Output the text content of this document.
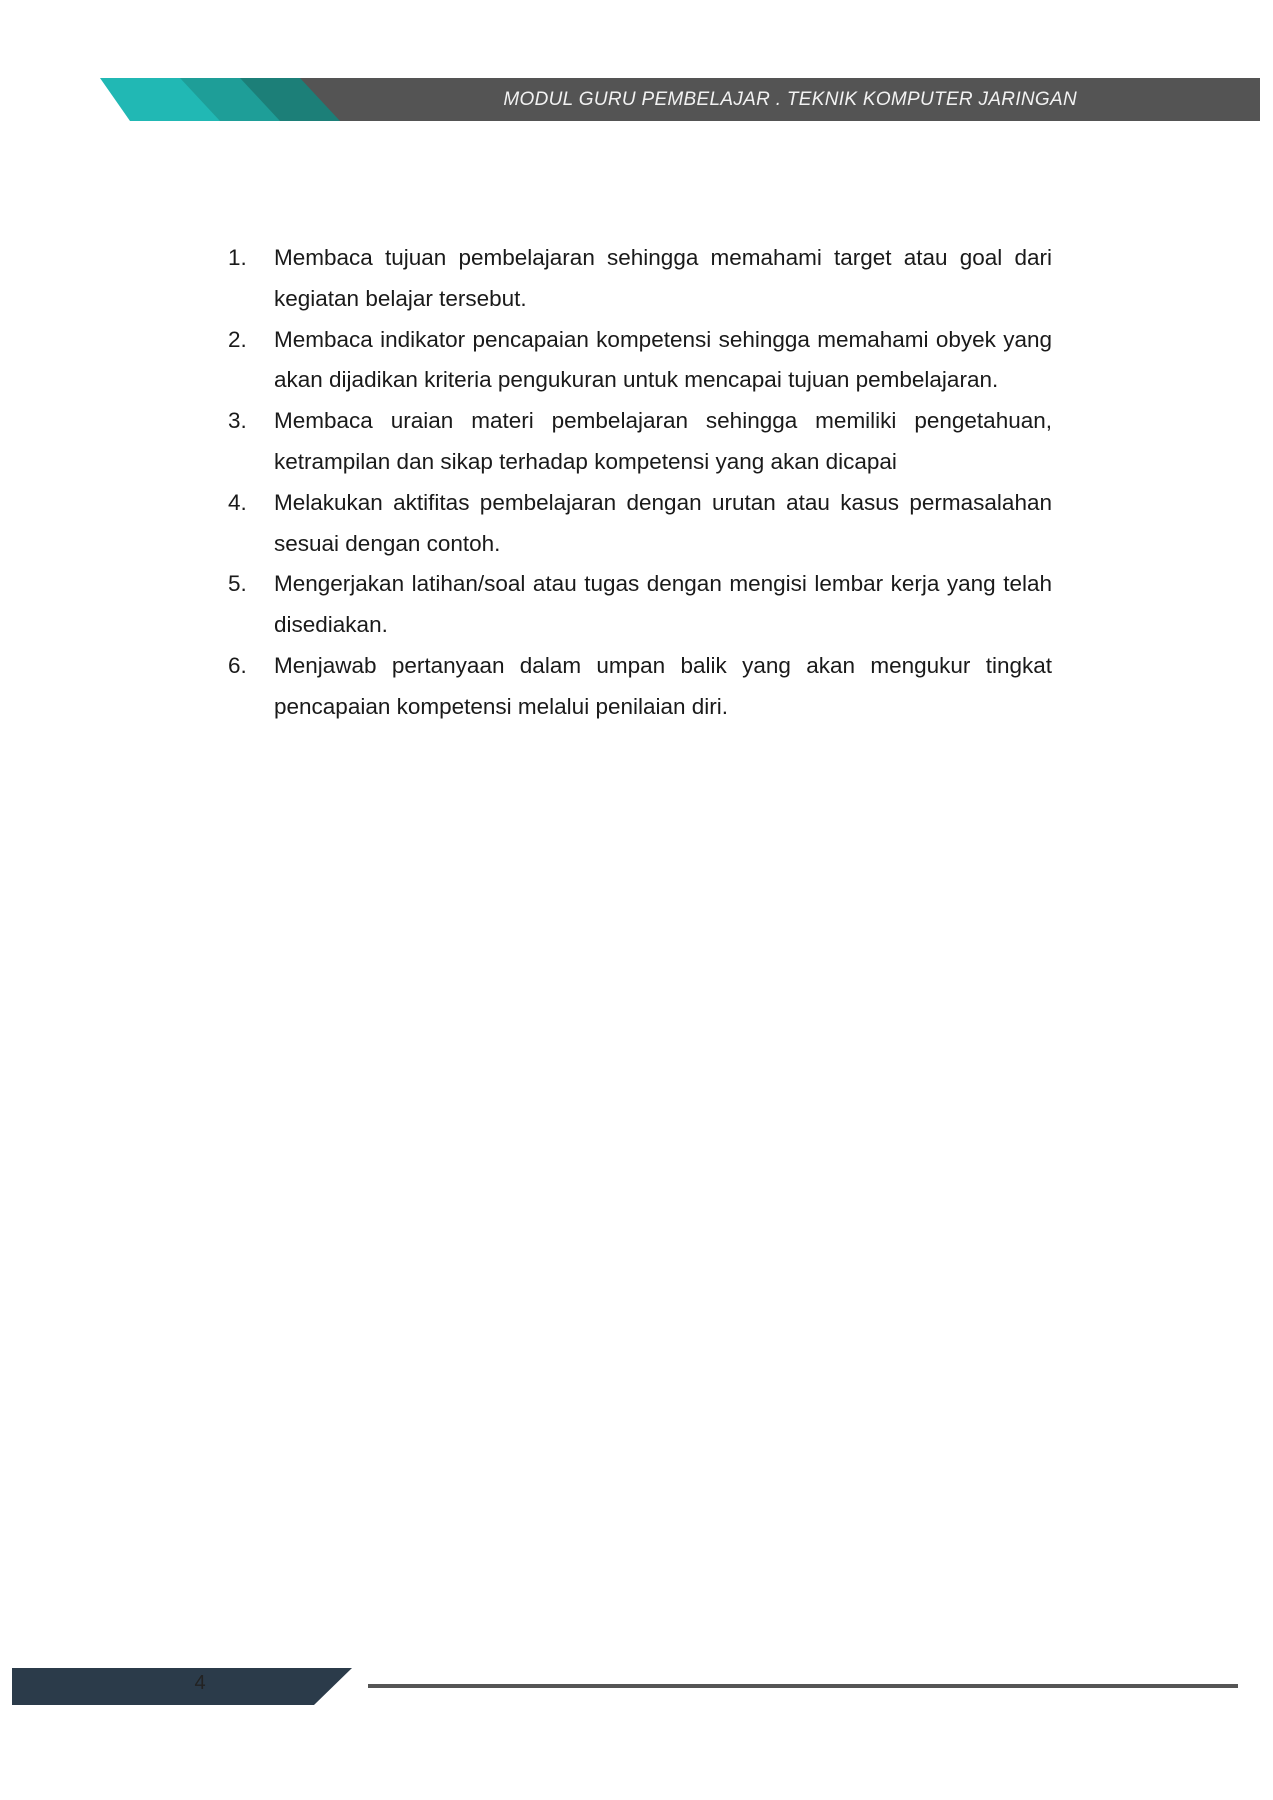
MODUL GURU PEMBELAJAR . TEKNIK KOMPUTER JARINGAN
1.	Membaca tujuan pembelajaran sehingga memahami target atau goal dari kegiatan belajar tersebut.
2.	Membaca indikator pencapaian kompetensi sehingga memahami obyek yang akan dijadikan kriteria pengukuran untuk mencapai tujuan pembelajaran.
3.	Membaca uraian materi pembelajaran sehingga memiliki pengetahuan, ketrampilan dan sikap terhadap kompetensi yang akan dicapai
4.	Melakukan aktifitas pembelajaran dengan urutan atau kasus permasalahan sesuai dengan contoh.
5.	Mengerjakan latihan/soal atau tugas dengan mengisi lembar kerja yang telah disediakan.
6.	Menjawab pertanyaan dalam umpan balik yang akan mengukur tingkat pencapaian kompetensi melalui penilaian diri.
4
